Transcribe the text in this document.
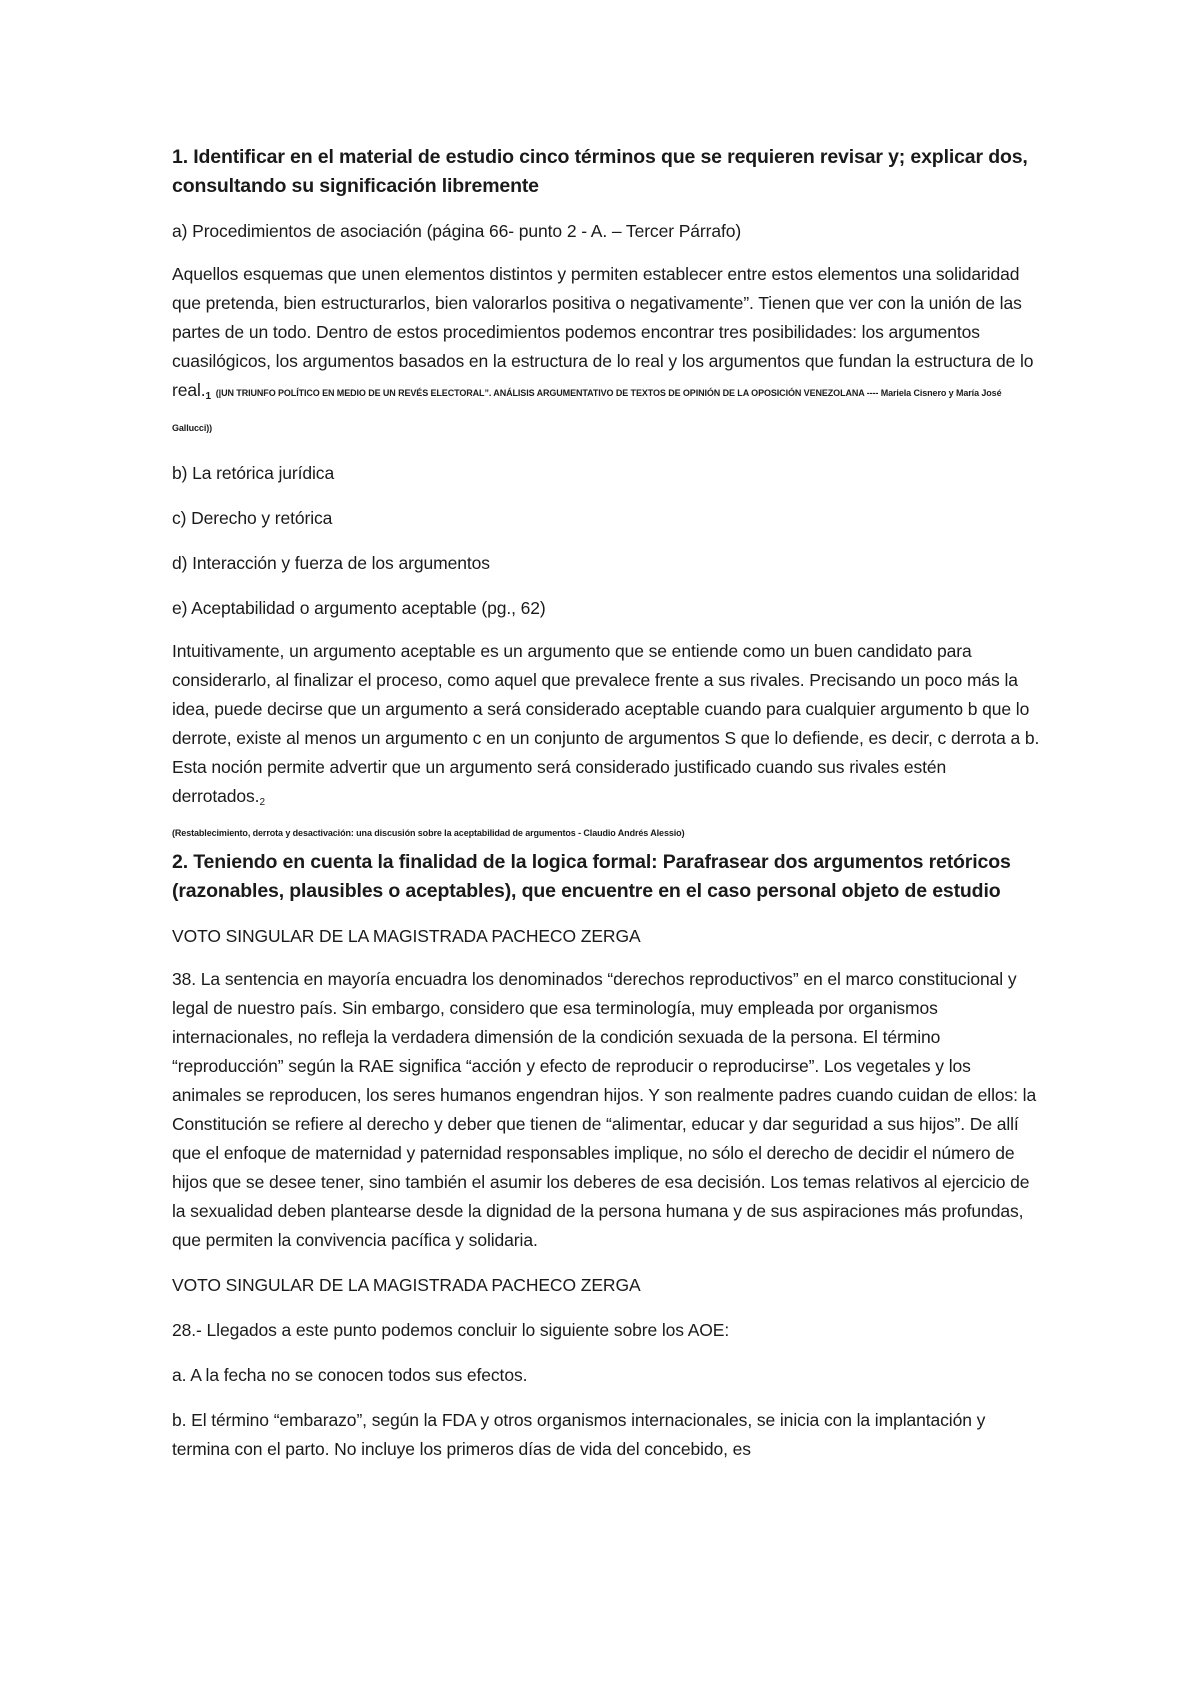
1. Identificar en el material de estudio cinco términos que se requieren revisar y; explicar dos, consultando su significación libremente

a) Procedimientos de asociación (página 66- punto 2 - A. – Tercer Párrafo)

Aquellos esquemas que unen elementos distintos y permiten establecer entre estos elementos una solidaridad que pretenda, bien estructurarlos, bien valorarlos positiva o negativamente”. Tienen que ver con la unión de las partes de un todo. Dentro de estos procedimientos podemos encontrar tres posibilidades: los argumentos cuasilógicos, los argumentos basados en la estructura de lo real y los argumentos que fundan la estructura de lo $real._1$ (|UN TRIUNFO POLÍTICO EN MEDIO DE UN REVÉS ELECTORAL”. ANÁLISIS ARGUMENTATIVO DE TEXTOS DE OPINIÓN DE LA OPOSICIÓN VENEZOLANA ---- Mariela Cisnero y María José Gallucci))

b) La retórica jurídica

c) Derecho y retórica

d) Interacción y fuerza de los argumentos

e) Aceptabilidad o argumento aceptable (pg., 62)

Intuitivamente, un argumento aceptable es un argumento que se entiende como un buen candidato para considerarlo, al finalizar el proceso, como aquel que prevalece frente a sus rivales. Precisando un poco más la idea, puede decirse que un argumento a será considerado aceptable cuando para cualquier argumento b que lo derrote, existe al menos un argumento c en un conjunto de argumentos S que lo defiende, es decir, c derrota a b. Esta noción permite advertir que un argumento será considerado justificado cuando sus rivales estén $derrotados._2$

(Restablecimiento, derrota y desactivación: una discusión sobre la aceptabilidad de argumentos - Claudio Andrés Alessio)

2. Teniendo en cuenta la finalidad de la logica formal: Parafrasear dos argumentos retóricos (razonables, plausibles o aceptables), que encuentre en el caso personal objeto de estudio

VOTO SINGULAR DE LA MAGISTRADA PACHECO ZERGA

38. La sentencia en mayoría encuadra los denominados “derechos reproductivos” en el marco constitucional y legal de nuestro país. Sin embargo, considero que esa terminología, muy empleada por organismos internacionales, no refleja la verdadera dimensión de la condición sexuada de la persona. El término “reproducción” según la RAE significa “acción y efecto de reproducir o reproducirse”. Los vegetales y los animales se reproducen, los seres humanos engendran hijos. Y son realmente padres cuando cuidan de ellos: la Constitución se refiere al derecho y deber que tienen de “alimentar, educar y dar seguridad a sus hijos”. De allí que el enfoque de maternidad y paternidad responsables implique, no sólo el derecho de decidir el número de hijos que se desee tener, sino también el asumir los deberes de esa decisión. Los temas relativos al ejercicio de la sexualidad deben plantearse desde la dignidad de la persona humana y de sus aspiraciones más profundas, que permiten la convivencia pacífica y solidaria.

VOTO SINGULAR DE LA MAGISTRADA PACHECO ZERGA

28.- Llegados a este punto podemos concluir lo siguiente sobre los AOE:

a. A la fecha no se conocen todos sus efectos.

b. El término “embarazo”, según la FDA y otros organismos internacionales, se inicia con la implantación y termina con el parto. No incluye los primeros días de vida del concebido, es
